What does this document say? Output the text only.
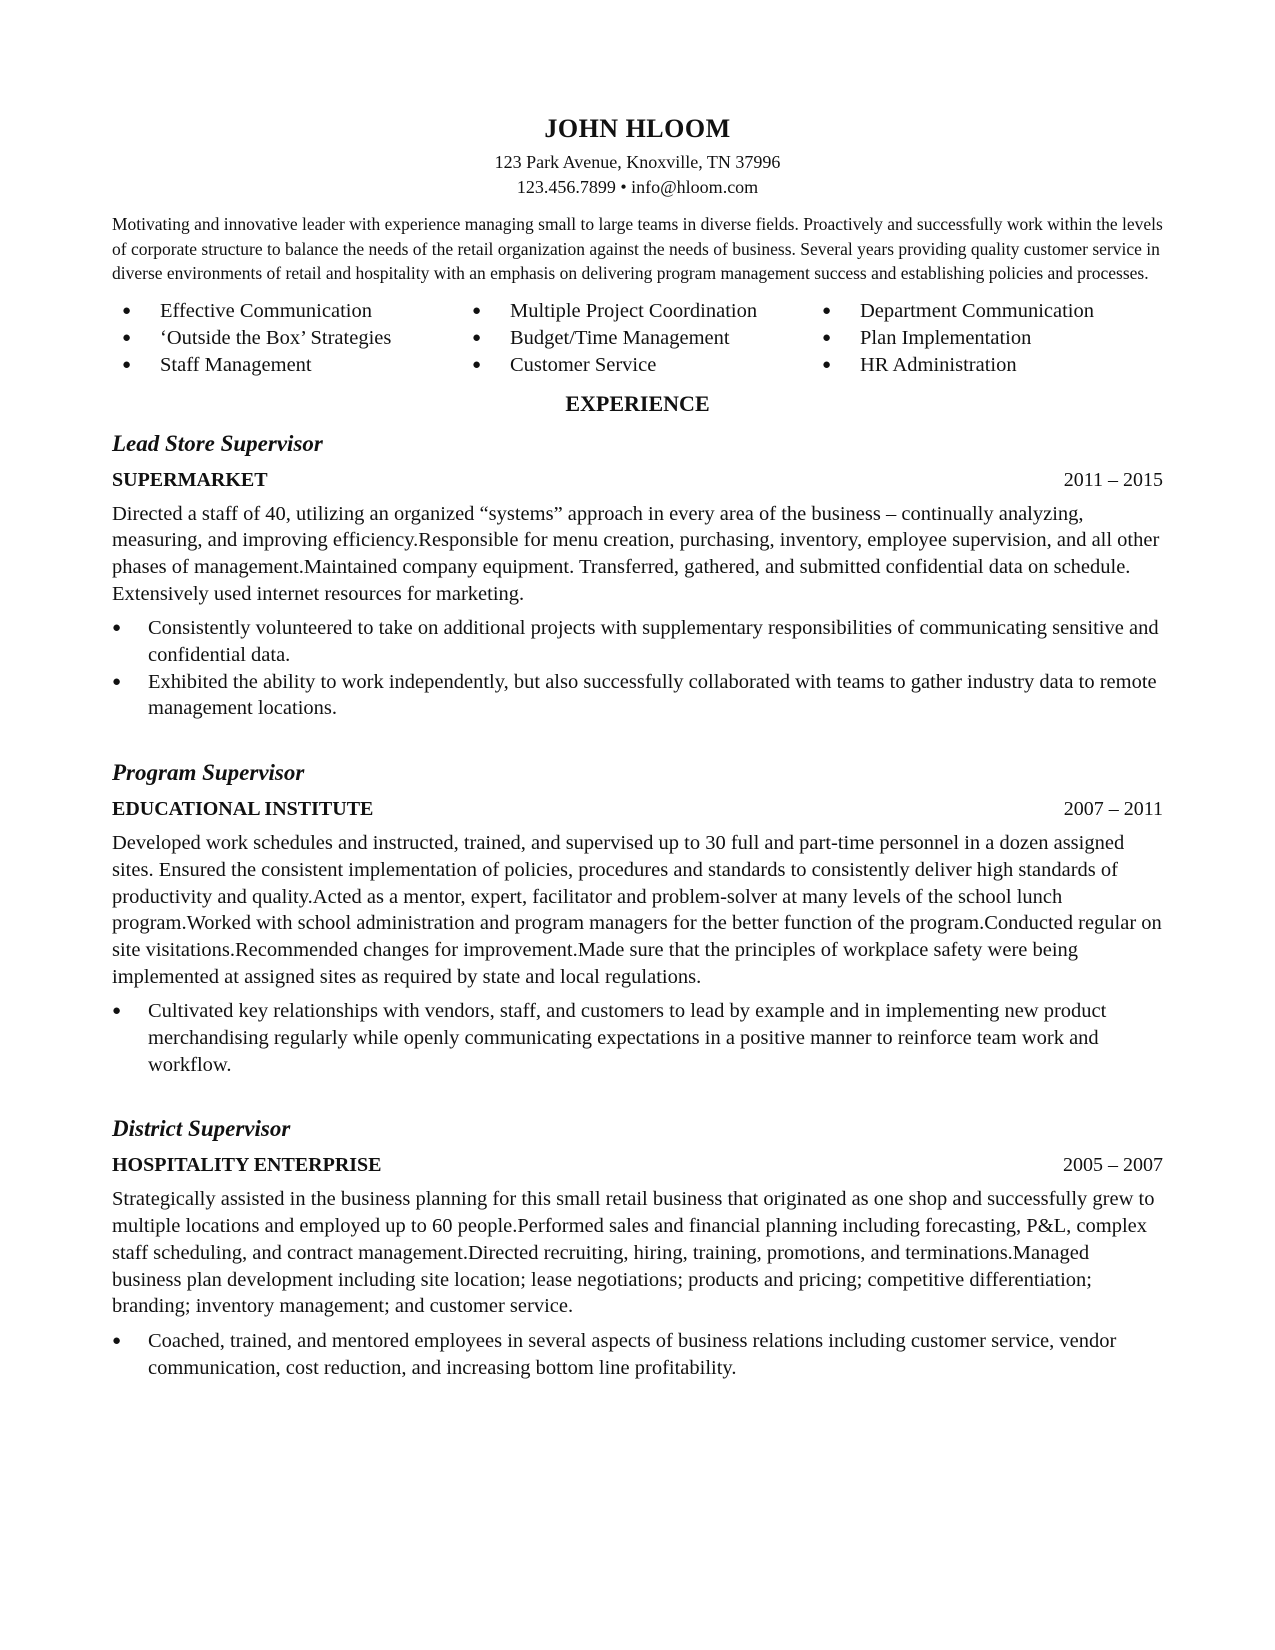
JOHN HLOOM
123 Park Avenue, Knoxville, TN 37996
123.456.7899 • info@hloom.com
Motivating and innovative leader with experience managing small to large teams in diverse fields. Proactively and successfully work within the levels of corporate structure to balance the needs of the retail organization against the needs of business. Several years providing quality customer service in diverse environments of retail and hospitality with an emphasis on delivering program management success and establishing policies and processes.
●	Effective Communication	●	Multiple Project Coordination	●	Department Communication
●	‘Outside the Box’ Strategies	●	Budget/Time Management	●	Plan Implementation
●	Staff Management	●	Customer Service	●	HR Administration
EXPERIENCE
Lead Store Supervisor
SUPERMARKET	2011 – 2015
Directed a staff of 40, utilizing an organized “systems” approach in every area of the business – continually analyzing, measuring, and improving efficiency.Responsible for menu creation, purchasing, inventory, employee supervision, and all other phases of management.Maintained company equipment. Transferred, gathered, and submitted confidential data on schedule. Extensively used internet resources for marketing.
●	Consistently volunteered to take on additional projects with supplementary responsibilities of communicating sensitive and confidential data.
●	Exhibited the ability to work independently, but also successfully collaborated with teams to gather industry data to remote management locations.
Program Supervisor
EDUCATIONAL INSTITUTE	2007 – 2011
Developed work schedules and instructed, trained, and supervised up to 30 full and part-time personnel in a dozen assigned sites. Ensured the consistent implementation of policies, procedures and standards to consistently deliver high standards of productivity and quality.Acted as a mentor, expert, facilitator and problem-solver at many levels of the school lunch program.Worked with school administration and program managers for the better function of the program.Conducted regular on site visitations.Recommended changes for improvement.Made sure that the principles of workplace safety were being implemented at assigned sites as required by state and local regulations.
●	Cultivated key relationships with vendors, staff, and customers to lead by example and in implementing new product merchandising regularly while openly communicating expectations in a positive manner to reinforce team work and workflow.
District Supervisor
HOSPITALITY ENTERPRISE	2005 – 2007
Strategically assisted in the business planning for this small retail business that originated as one shop and successfully grew to multiple locations and employed up to 60 people.Performed sales and financial planning including forecasting, P&L, complex staff scheduling, and contract management.Directed recruiting, hiring, training, promotions, and terminations.Managed business plan development including site location; lease negotiations; products and pricing; competitive differentiation; branding; inventory management; and customer service.
●	Coached, trained, and mentored employees in several aspects of business relations including customer service, vendor communication, cost reduction, and increasing bottom line profitability.
